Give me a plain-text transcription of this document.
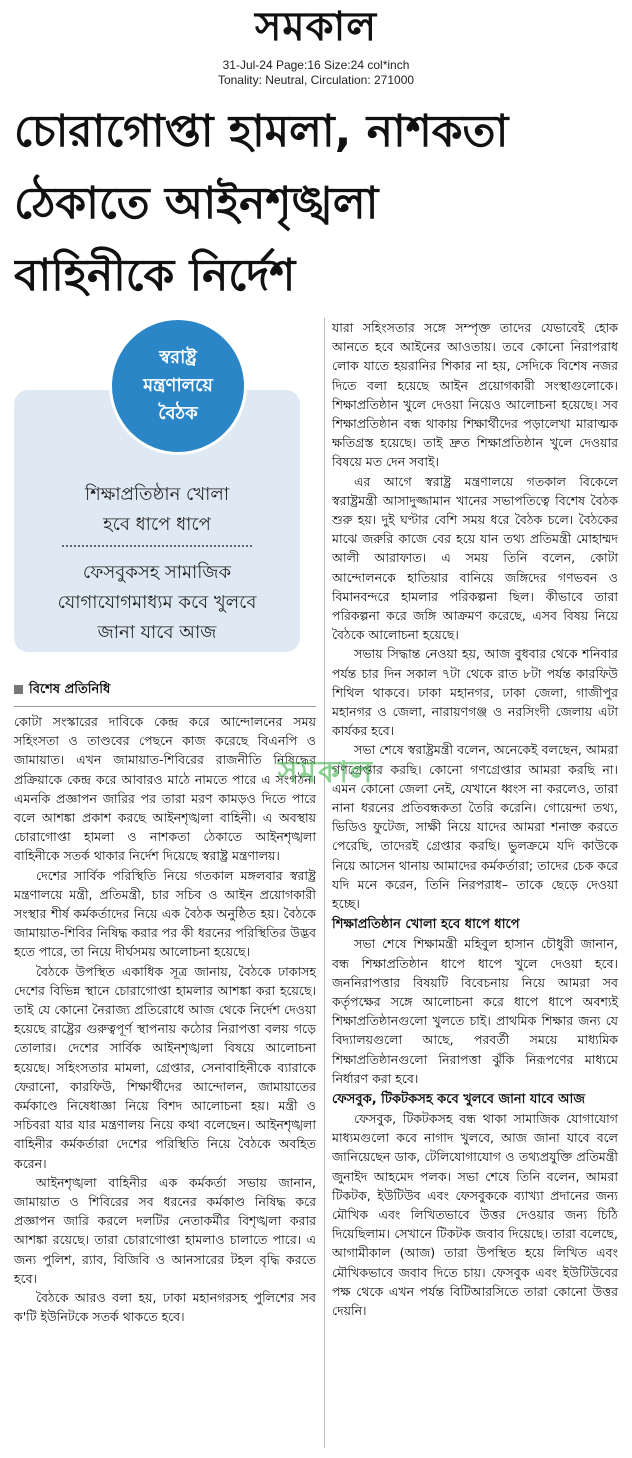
সমকাল
31-Jul-24 Page:16 Size:24 col*inch
Tonality: Neutral, Circulation: 271000
চোরাগোপ্তা হামলা, নাশকতা
ঠেকাতে আইনশৃঙ্খলা
বাহিনীকে নির্দেশ
স্বরাষ্ট্র
মন্ত্রণালয়ে
বৈঠক
শিক্ষাপ্রতিষ্ঠান খোলা
হবে ধাপে ধাপে
ফেসবুকসহ সামাজিক
যোগাযোগমাধ্যম কবে খুলবে
জানা যাবে আজ
বিশেষ প্রতিনিধি

কোটা সংস্কারের দাবিকে কেন্দ্র করে আন্দোলনের সময় সহিংসতা ও তাণ্ডবের পেছনে কাজ করেছে বিএনপি ও জামায়াত। এখন জামায়াত-শিবিরের রাজনীতি নিষিদ্ধের প্রক্রিয়াকে কেন্দ্র করে আবারও মাঠে নামতে পারে এ সংগঠন। এমনকি প্রজ্ঞাপন জারির পর তারা মরণ কামড়ও দিতে পারে বলে আশঙ্কা প্রকাশ করছে আইনশৃঙ্খলা বাহিনী। এ অবস্থায় চোরাগোপ্তা হামলা ও নাশকতা ঠেকাতে আইনশৃঙ্খলা বাহিনীকে সতর্ক থাকার নির্দেশ দিয়েছে স্বরাষ্ট্র মন্ত্রণালয়।

দেশের সার্বিক পরিস্থিতি নিয়ে গতকাল মঙ্গলবার স্বরাষ্ট্র মন্ত্রণালয়ে মন্ত্রী, প্রতিমন্ত্রী, চার সচিব ও আইন প্রয়োগকারী সংস্থার শীর্ষ কর্মকর্তাদের নিয়ে এক বৈঠক অনুষ্ঠিত হয়। বৈঠকে জামায়াত-শিবির নিষিদ্ধ করার পর কী ধরনের পরিস্থিতির উদ্ভব হতে পারে, তা নিয়ে দীর্ঘসময় আলোচনা হয়েছে।

বৈঠকে উপস্থিত একাধিক সূত্র জানায়, বৈঠকে ঢাকাসহ দেশের বিভিন্ন স্থানে চোরাগোপ্তা হামলার আশঙ্কা করা হয়েছে। তাই যে কোনো নৈরাজ্য প্রতিরোধে আজ থেকে নির্দেশ দেওয়া হয়েছে রাষ্ট্রের গুরুত্বপূর্ণ স্থাপনায় কঠোর নিরাপত্তা বলয় গড়ে তোলার। দেশের সার্বিক আইনশৃঙ্খলা বিষয়ে আলোচনা হয়েছে। সহিংসতার মামলা, গ্রেপ্তার, সেনাবাহিনীকে ব্যারাকে ফেরানো, কারফিউ, শিক্ষার্থীদের আন্দোলন, জামায়াতের কর্মকাণ্ডে নিষেধাজ্ঞা নিয়ে বিশদ আলোচনা হয়। মন্ত্রী ও সচিবরা যার যার মন্ত্রণালয় নিয়ে কথা বলেছেন। আইনশৃঙ্খলা বাহিনীর কর্মকর্তারা দেশের পরিস্থিতি নিয়ে বৈঠকে অবহিত করেন।

আইনশৃঙ্খলা বাহিনীর এক কর্মকর্তা সভায় জানান, জামায়াত ও শিবিরের সব ধরনের কর্মকাণ্ড নিষিদ্ধ করে প্রজ্ঞাপন জারি করলে দলটির নেতাকর্মীর বিশৃঙ্খলা করার আশঙ্কা রয়েছে। তারা চোরাগোপ্তা হামলাও চালাতে পারে। এ জন্য পুলিশ, র‍্যাব, বিজিবি ও আনসারের টহল বৃদ্ধি করতে হবে।

বৈঠকে আরও বলা হয়, ঢাকা মহানগরসহ পুলিশের সব ক'টি ইউনিটকে সতর্ক থাকতে হবে।

যারা সহিংসতার সঙ্গে সম্পৃক্ত তাদের যেভাবেই হোক আনতে হবে আইনের আওতায়। তবে কোনো নিরাপরাধ লোক যাতে হয়রানির শিকার না হয়, সেদিকে বিশেষ নজর দিতে বলা হয়েছে আইন প্রয়োগকারী সংস্থাগুলোকে। শিক্ষাপ্রতিষ্ঠান খুলে দেওয়া নিয়েও আলোচনা হয়েছে। সব শিক্ষাপ্রতিষ্ঠান বন্ধ থাকায় শিক্ষার্থীদের পড়ালেখা মারাত্মক ক্ষতিগ্রস্ত হয়েছে। তাই দ্রুত শিক্ষাপ্রতিষ্ঠান খুলে দেওয়ার বিষয়ে মত দেন সবাই।

এর আগে স্বরাষ্ট্র মন্ত্রণালয়ে গতকাল বিকেলে স্বরাষ্ট্রমন্ত্রী আসাদুজ্জামান খানের সভাপতিত্বে বিশেষ বৈঠক শুরু হয়। দুই ঘণ্টার বেশি সময় ধরে বৈঠক চলে। বৈঠকের মাঝে জরুরি কাজে বের হয়ে যান তথ্য প্রতিমন্ত্রী মোহাম্মদ আলী আরাফাত। এ সময় তিনি বলেন, কোটা আন্দোলনকে হাতিয়ার বানিয়ে জঙ্গিদের গণভবন ও বিমানবন্দরে হামলার পরিকল্পনা ছিল। কীভাবে তারা পরিকল্পনা করে জঙ্গি আক্রমণ করেছে, এসব বিষয় নিয়ে বৈঠকে আলোচনা হয়েছে।

সভায় সিদ্ধান্ত নেওয়া হয়, আজ বুধবার থেকে শনিবার পর্যন্ত চার দিন সকাল ৭টা থেকে রাত ৮টা পর্যন্ত কারফিউ শিথিল থাকবে। ঢাকা মহানগর, ঢাকা জেলা, গাজীপুর মহানগর ও জেলা, নারায়ণগঞ্জ ও নরসিংদী জেলায় এটা কার্যকর হবে।

সভা শেষে স্বরাষ্ট্রমন্ত্রী বলেন, অনেকেই বলছেন, আমরা গণগ্রেপ্তার করছি। কোনো গণগ্রেপ্তার আমরা করছি না। এমন কোনো জেলা নেই, যেখানে ধ্বংস না করলেও, তারা নানা ধরনের প্রতিবন্ধকতা তৈরি করেনি। গোয়েন্দা তথ্য, ভিডিও ফুটেজ, সাক্ষী নিয়ে যাদের আমরা শনাক্ত করতে পেরেছি, তাদেরই গ্রেপ্তার করছি। ভুলক্রমে যদি কাউকে নিয়ে আসেন থানায় আমাদের কর্মকর্তারা; তাদের চেক করে যদি মনে করেন, তিনি নিরপরাধ– তাকে ছেড়ে দেওয়া হচ্ছে।

শিক্ষাপ্রতিষ্ঠান খোলা হবে ধাপে ধাপে

সভা শেষে শিক্ষামন্ত্রী মহিবুল হাসান চৌধুরী জানান, বন্ধ শিক্ষাপ্রতিষ্ঠান ধাপে ধাপে খুলে দেওয়া হবে। জননিরাপত্তার বিষয়টি বিবেচনায় নিয়ে আমরা সব কর্তৃপক্ষের সঙ্গে আলোচনা করে ধাপে ধাপে অবশ্যই শিক্ষাপ্রতিষ্ঠানগুলো খুলতে চাই। প্রাথমিক শিক্ষার জন্য যে বিদ্যালয়গুলো আছে, পরবর্তী সময়ে মাধ্যমিক শিক্ষাপ্রতিষ্ঠানগুলো নিরাপত্তা ঝুঁকি নিরূপণের মাধ্যমে নির্ধারণ করা হবে।

ফেসবুক, টিকটকসহ কবে খুলবে জানা যাবে আজ

ফেসবুক, টিকটকসহ বন্ধ থাকা সামাজিক যোগাযোগ মাধ্যমগুলো কবে নাগাদ খুলবে, আজ জানা যাবে বলে জানিয়েছেন ডাক, টেলিযোগাযোগ ও তথ্যপ্রযুক্তি প্রতিমন্ত্রী জুনাইদ আহমেদ পলক। সভা শেষে তিনি বলেন, আমরা টিকটক, ইউটিউব এবং ফেসবুককে ব্যাখ্যা প্রদানের জন্য মৌখিক এবং লিখিতভাবে উত্তর দেওয়ার জন্য চিঠি দিয়েছিলাম। সেখানে টিকটক জবাব দিয়েছে। তারা বলেছে, আগামীকাল (আজ) তারা উপস্থিত হয়ে লিখিত এবং মৌখিকভাবে জবাব দিতে চায়। ফেসবুক এবং ইউটিউবের পক্ষ থেকে এখন পর্যন্ত বিটিআরসিতে তারা কোনো উত্তর দেয়নি।

সমকাল
